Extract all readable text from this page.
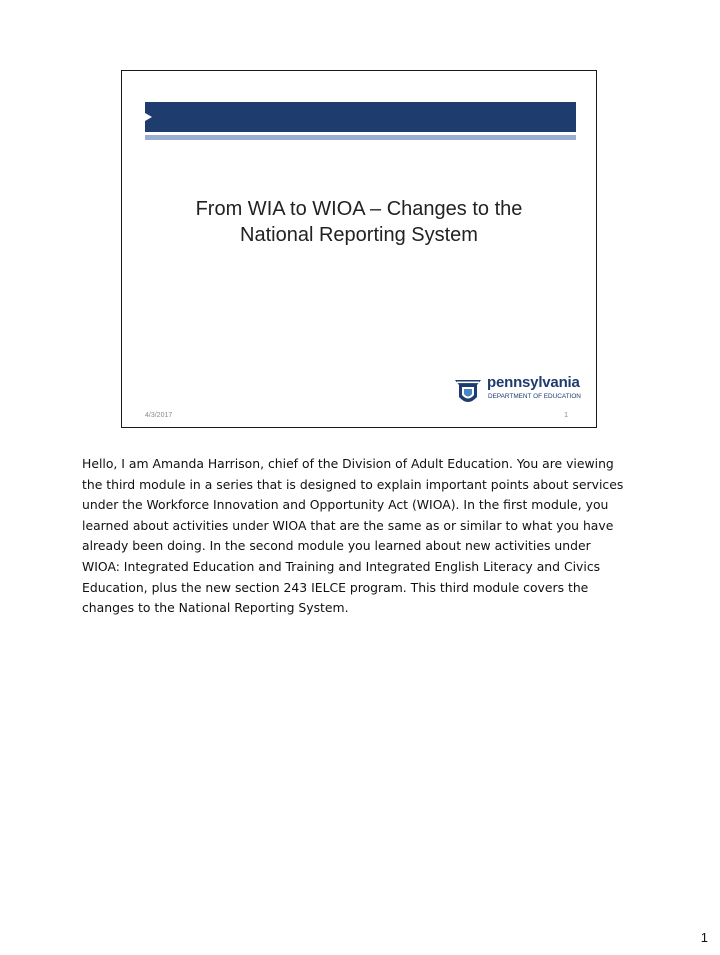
From WIA to WIOA – Changes to the
National Reporting System
pennsylvania
DEPARTMENT OF EDUCATION
4/3/2017	1
Hello, I am Amanda Harrison, chief of the Division of Adult Education. You are viewing
the third module in a series that is designed to explain important points about services
under the Workforce Innovation and Opportunity Act (WIOA). In the first module, you
learned about activities under WIOA that are the same as or similar to what you have
already been doing. In the second module you learned about new activities under
WIOA: Integrated Education and Training and Integrated English Literacy and Civics
Education, plus the new section 243 IELCE program. This third module covers the
changes to the National Reporting System.
1
